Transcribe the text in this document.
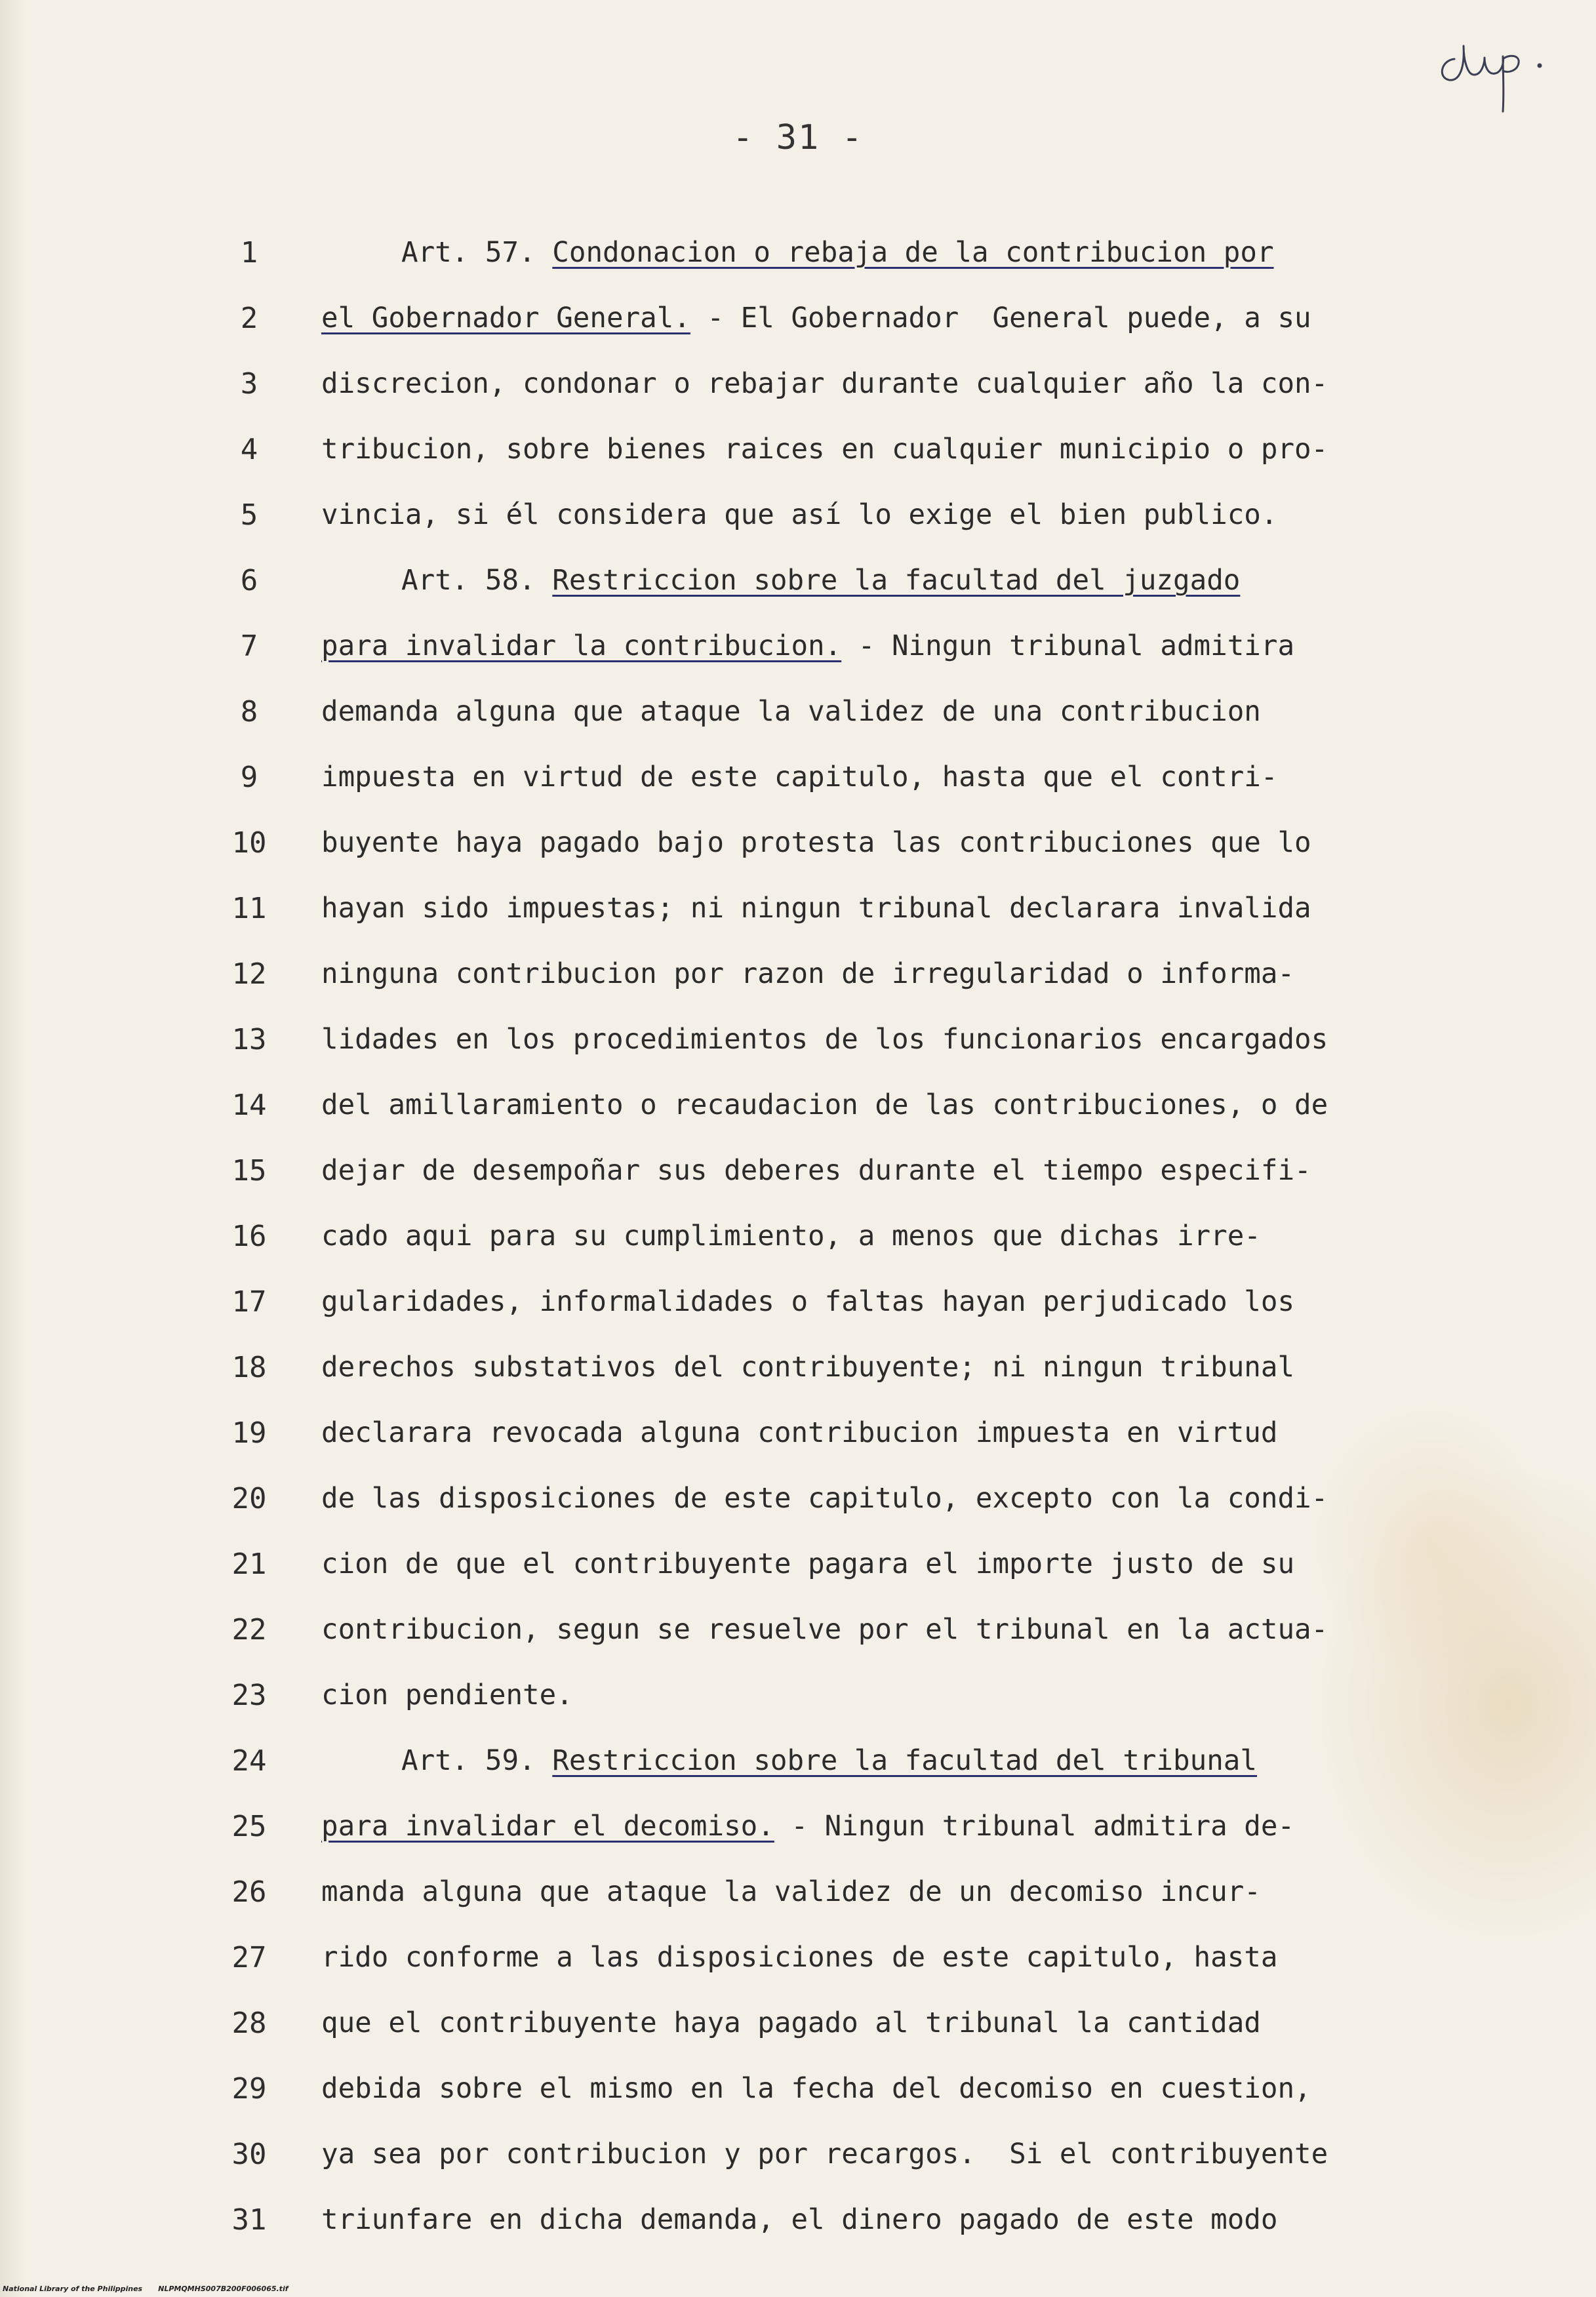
- 31 -
1
2
3
4
5
6
7
8
9
10
11
12
13
14
15
16
17
18
19
20
21
22
23
24
25
26
27
28
29
30
31
Art. 57. Condonacion o rebaja de la contribucion por
el Gobernador General. - El Gobernador  General puede, a su
discrecion, condonar o rebajar durante cualquier año la con-
tribucion, sobre bienes raices en cualquier municipio o pro-
vincia, si él considera que así lo exige el bien publico.
Art. 58. Restriccion sobre la facultad del juzgado
para invalidar la contribucion. - Ningun tribunal admitira
demanda alguna que ataque la validez de una contribucion
impuesta en virtud de este capitulo, hasta que el contri-
buyente haya pagado bajo protesta las contribuciones que lo
hayan sido impuestas; ni ningun tribunal declarara invalida
ninguna contribucion por razon de irregularidad o informa-
lidades en los procedimientos de los funcionarios encargados
del amillaramiento o recaudacion de las contribuciones, o de
dejar de desempoñar sus deberes durante el tiempo especifi-
cado aqui para su cumplimiento, a menos que dichas irre-
gularidades, informalidades o faltas hayan perjudicado los
derechos substativos del contribuyente; ni ningun tribunal
declarara revocada alguna contribucion impuesta en virtud
de las disposiciones de este capitulo, excepto con la condi-
cion de que el contribuyente pagara el importe justo de su
contribucion, segun se resuelve por el tribunal en la actua-
cion pendiente.
Art. 59. Restriccion sobre la facultad del tribunal
para invalidar el decomiso. - Ningun tribunal admitira de-
manda alguna que ataque la validez de un decomiso incur-
rido conforme a las disposiciones de este capitulo, hasta
que el contribuyente haya pagado al tribunal la cantidad
debida sobre el mismo en la fecha del decomiso en cuestion,
ya sea por contribucion y por recargos.  Si el contribuyente
triunfare en dicha demanda, el dinero pagado de este modo
National Library of the Philippines NLPMQMHS007B200F006065.tif
